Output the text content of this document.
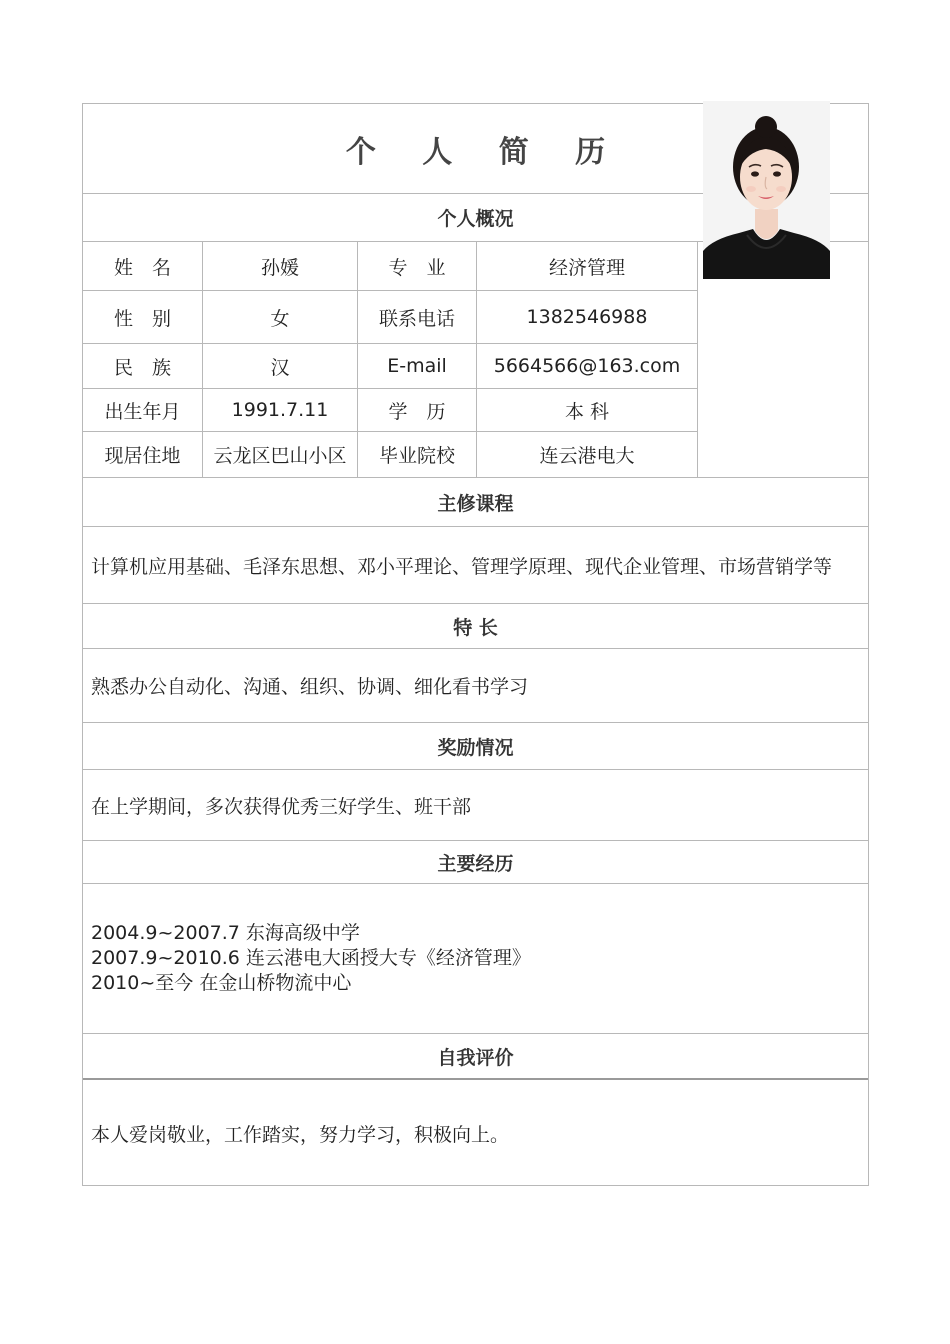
个 人 简 历
个人概况
姓　名	孙媛	专　业	经济管理
性　别	女	联系电话	1382546988
民　族	汉	E-mail	5664566@163.com
出生年月	1991.7.11	学　历	本 科
现居住地	云龙区巴山小区	毕业院校	连云港电大
主修课程
计算机应用基础、毛泽东思想、邓小平理论、管理学原理、现代企业管理、市场营销学等
特 长
熟悉办公自动化、沟通、组织、协调、细化看书学习
奖励情况
在上学期间，多次获得优秀三好学生、班干部
主要经历
2004.9~2007.7 东海高级中学
2007.9~2010.6 连云港电大函授大专《经济管理》
2010~至今 在金山桥物流中心
自我评价
本人爱岗敬业，工作踏实，努力学习，积极向上。
